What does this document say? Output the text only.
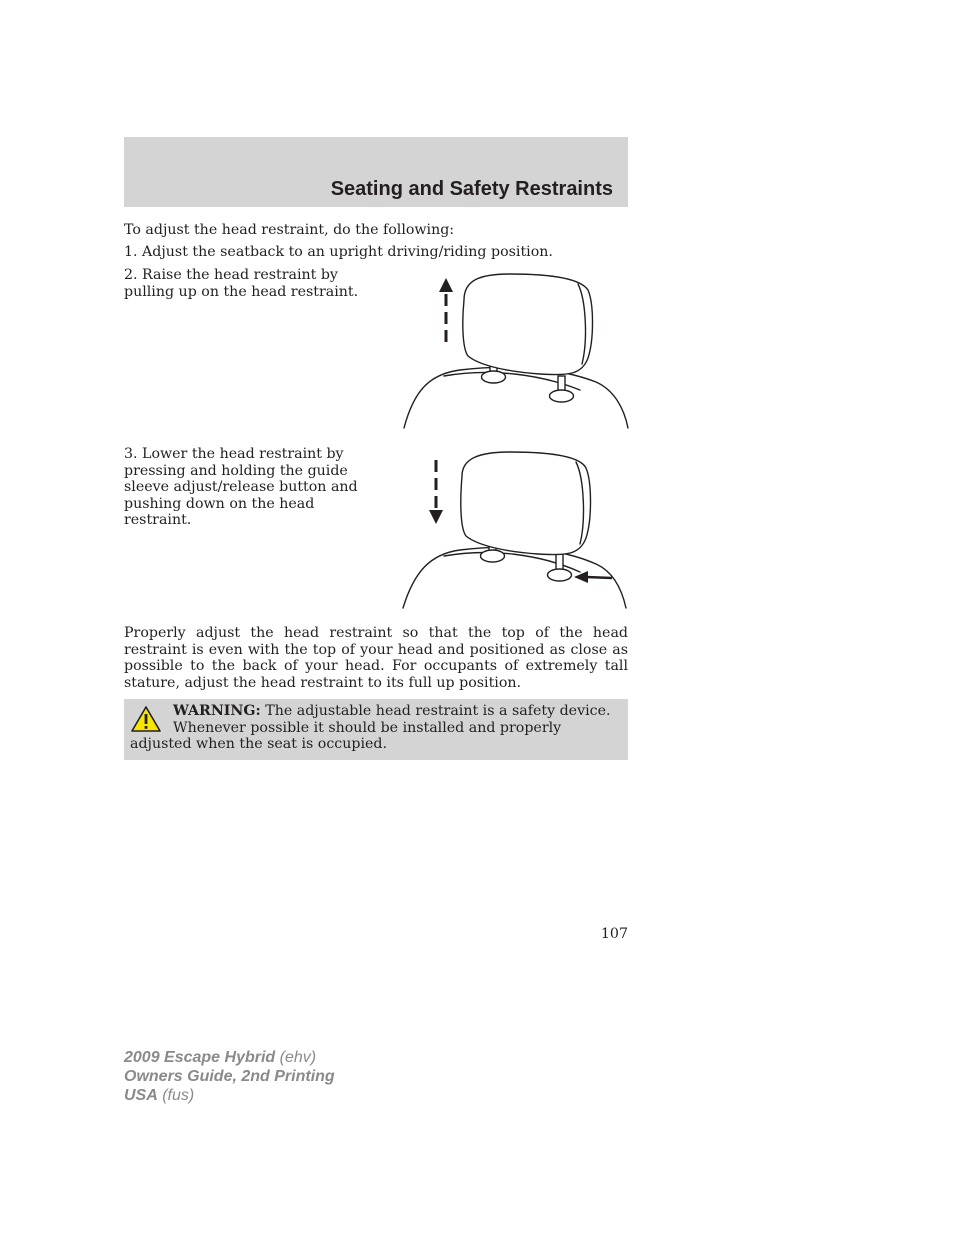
Seating and Safety Restraints

To adjust the head restraint, do the following:

1. Adjust the seatback to an upright driving/riding position.

2. Raise the head restraint by pulling up on the head restraint.

3. Lower the head restraint by pressing and holding the guide sleeve adjust/release button and pushing down on the head restraint.

Properly adjust the head restraint so that the top of the head restraint is even with the top of your head and positioned as close as possible to the back of your head. For occupants of extremely tall stature, adjust the head restraint to its full up position.

WARNING: The adjustable head restraint is a safety device. Whenever possible it should be installed and properly adjusted when the seat is occupied.

107

2009 Escape Hybrid (ehv)
Owners Guide, 2nd Printing
USA (fus)
